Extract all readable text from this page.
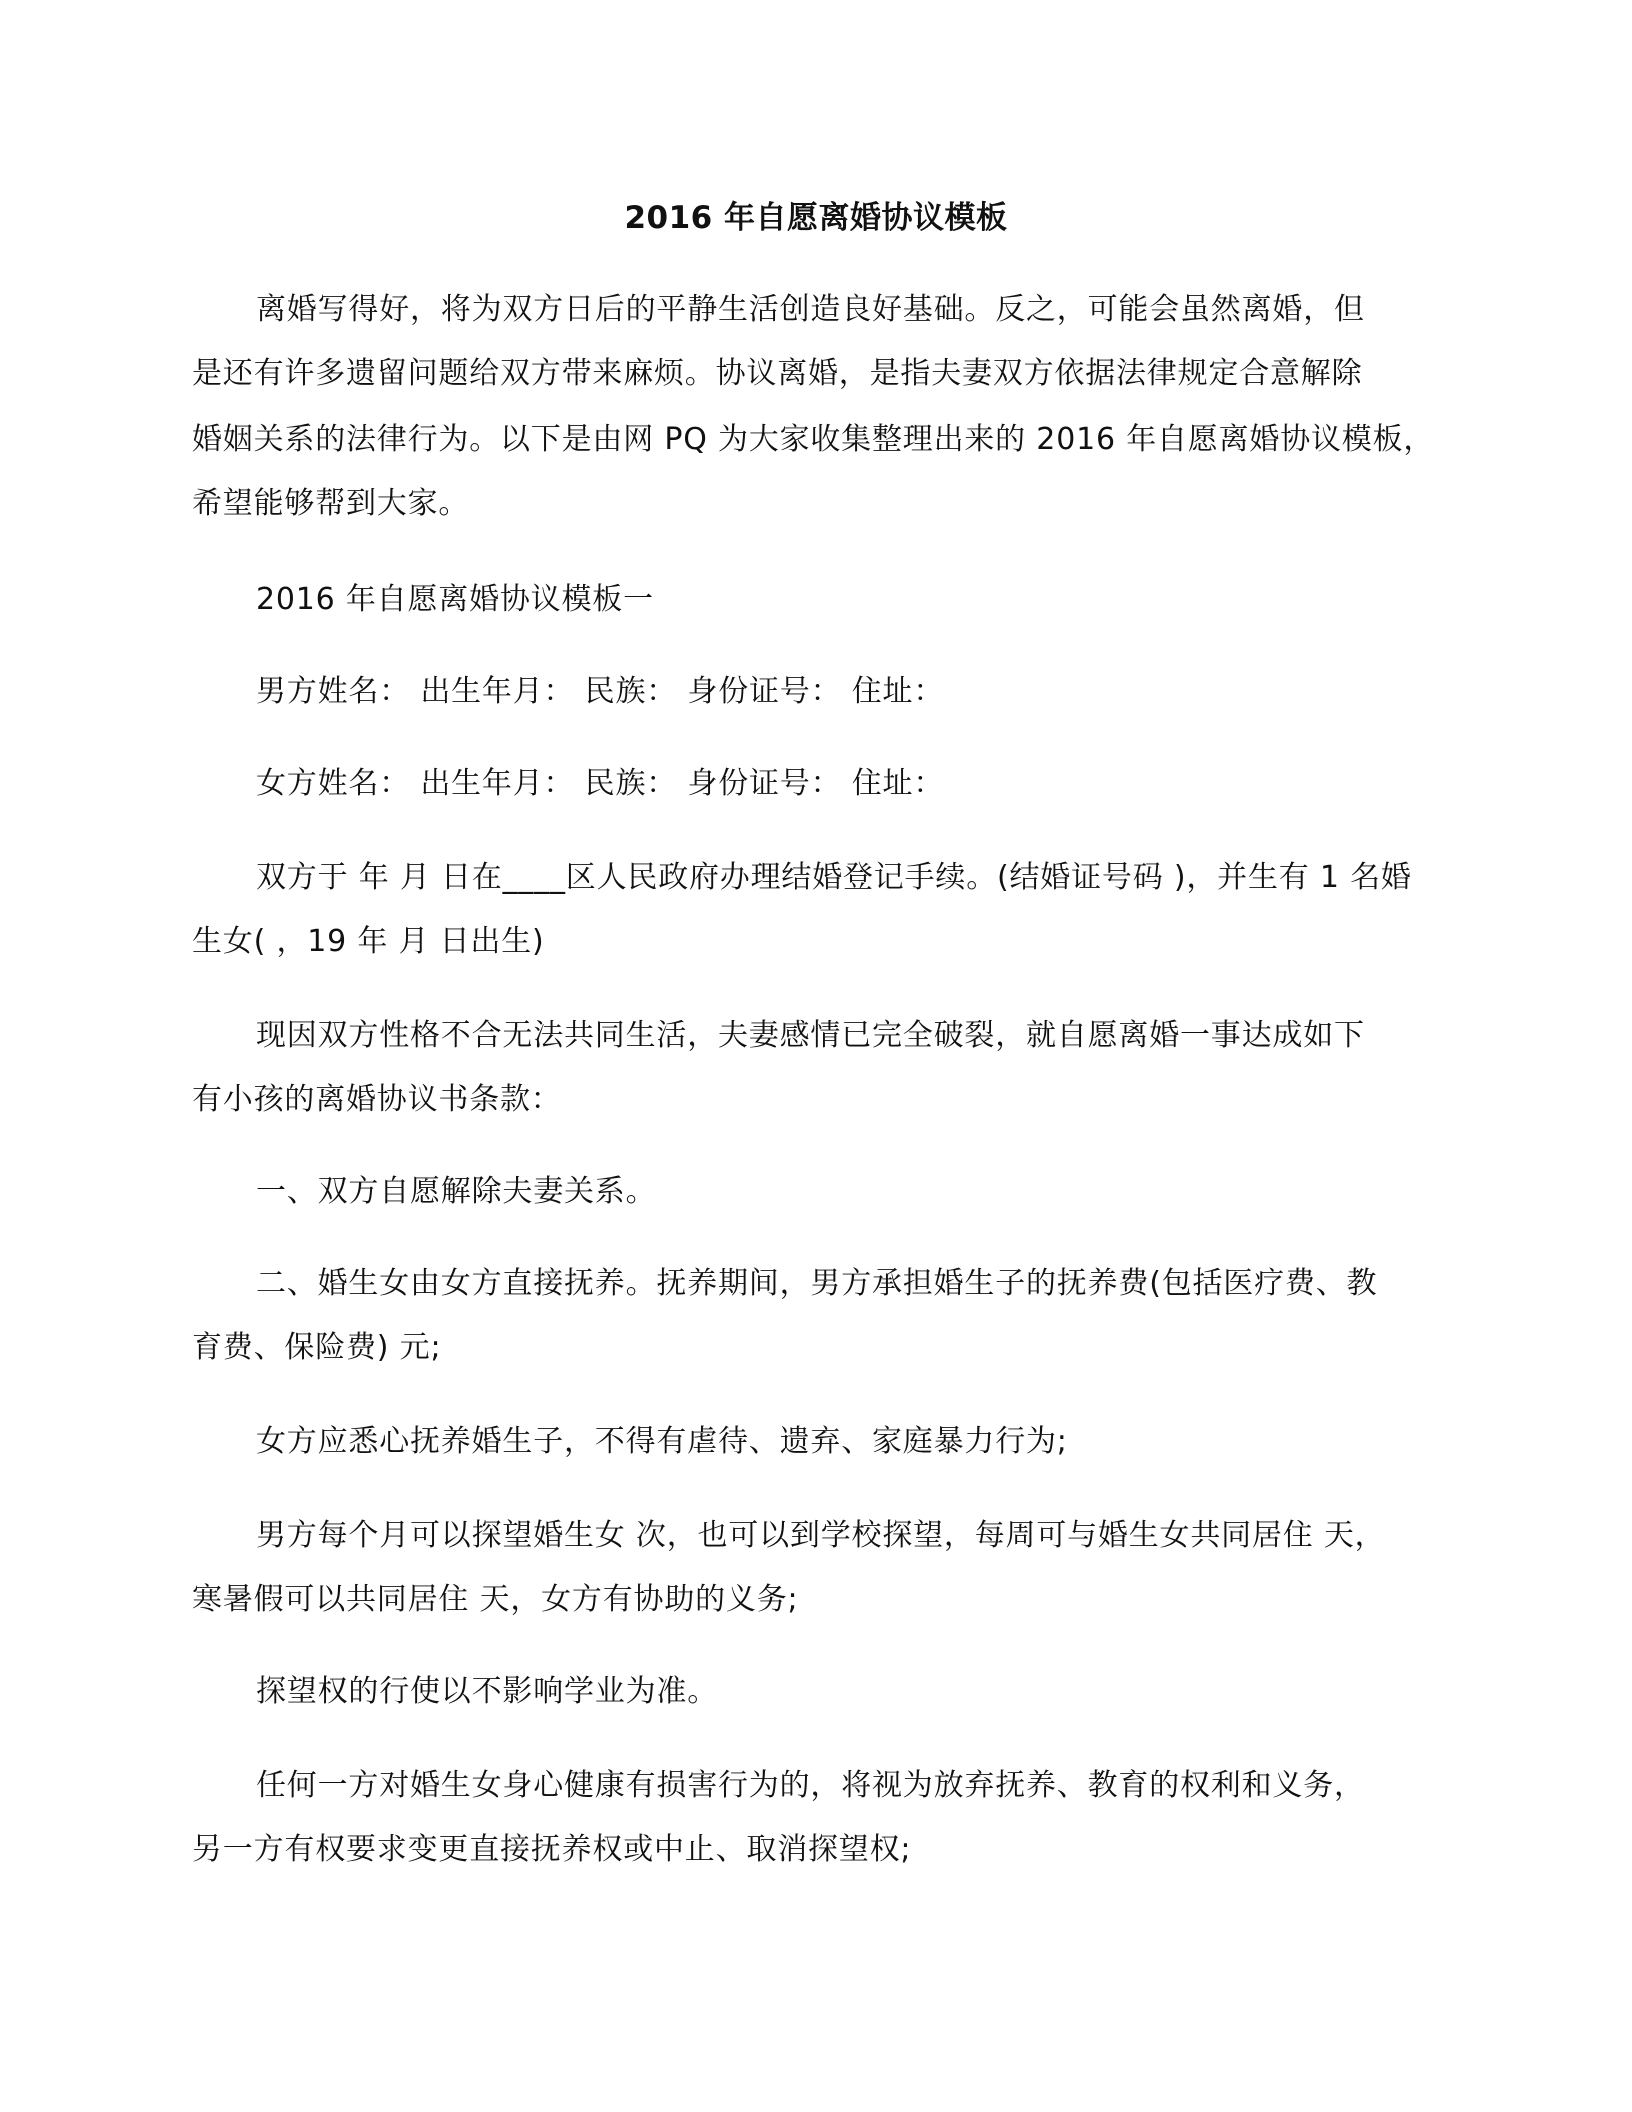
2016 年自愿离婚协议模板
离婚写得好，将为双方日后的平静生活创造良好基础。反之，可能会虽然离婚，但
是还有许多遗留问题给双方带来麻烦。协议离婚，是指夫妻双方依据法律规定合意解除
婚姻关系的法律行为。以下是由网 PQ 为大家收集整理出来的 2016 年自愿离婚协议模板，
希望能够帮到大家。
2016 年自愿离婚协议模板一
男方姓名： 出生年月： 民族： 身份证号： 住址：
女方姓名： 出生年月： 民族： 身份证号： 住址：
双方于 年 月 日在____区人民政府办理结婚登记手续。(结婚证号码 )，并生有 1 名婚
生女( ，19 年 月 日出生)
现因双方性格不合无法共同生活，夫妻感情已完全破裂，就自愿离婚一事达成如下
有小孩的离婚协议书条款：
一、双方自愿解除夫妻关系。
二、婚生女由女方直接抚养。抚养期间，男方承担婚生子的抚养费(包括医疗费、教
育费、保险费) 元;
女方应悉心抚养婚生子，不得有虐待、遗弃、家庭暴力行为;
男方每个月可以探望婚生女 次，也可以到学校探望，每周可与婚生女共同居住 天，
寒暑假可以共同居住 天，女方有协助的义务;
探望权的行使以不影响学业为准。
任何一方对婚生女身心健康有损害行为的，将视为放弃抚养、教育的权利和义务，
另一方有权要求变更直接抚养权或中止、取消探望权;
